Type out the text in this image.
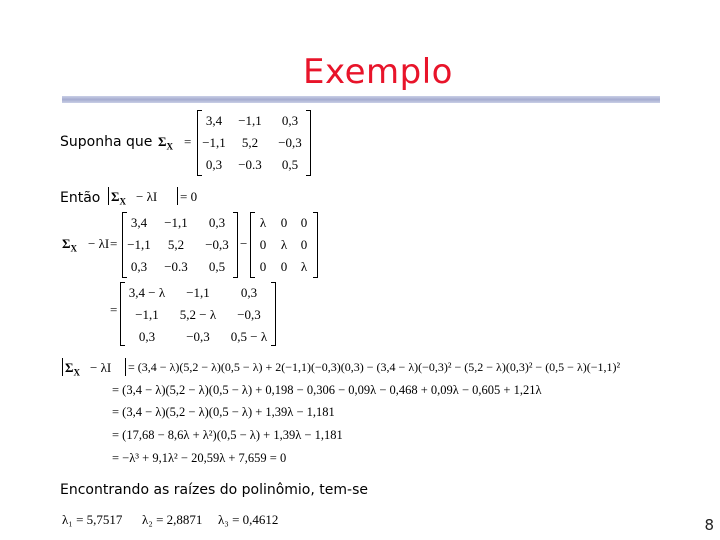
Exemplo
Suponha que $\Sigma_X$ =
3,4	−1,1	0,3
−1,1	5,2	−0,3
0,3	−0.3	0,5
Então $\Sigma_X - \lambda I = 0$
$\Sigma_X - \lambda I$ =
3,4	−1,1	0,3
−1,1	5,2	−0,3
0,3	−0.3	0,5
−
λ	0	0
0	λ	0
0	0	λ
=
3,4 − λ	−1,1	0,3
−1,1	5,2 − λ	−0,3
0,3	−0,3	0,5 − λ
$\Sigma_X - \lambda I = (3,4 - \lambda)(5,2 - \lambda)(0,5 - \lambda) + 2(-1,1)(-0,3)(0,3) - (3,4 - \lambda)(-0,3)^2 - (5,2 - \lambda)(0,3)^2 - (0,5 - \lambda)(-1,1)^2$
= (3,4 − λ)(5,2 − λ)(0,5 − λ) + 0,198 − 0,306 − 0,09λ − 0,468 + 0,09λ − 0,605 + 1,21λ
= (3,4 − λ)(5,2 − λ)(0,5 − λ) + 1,39λ − 1,181
= (17,68 − 8,6λ + λ²)(0,5 − λ) + 1,39λ − 1,181
= −λ³ + 9,1λ² − 20,59λ + 7,659 = 0
Encontrando as raízes do polinômio, tem-se
λ₁ = 5,7517 λ₂ = 2,8871 λ₃ = 0,4612	8
